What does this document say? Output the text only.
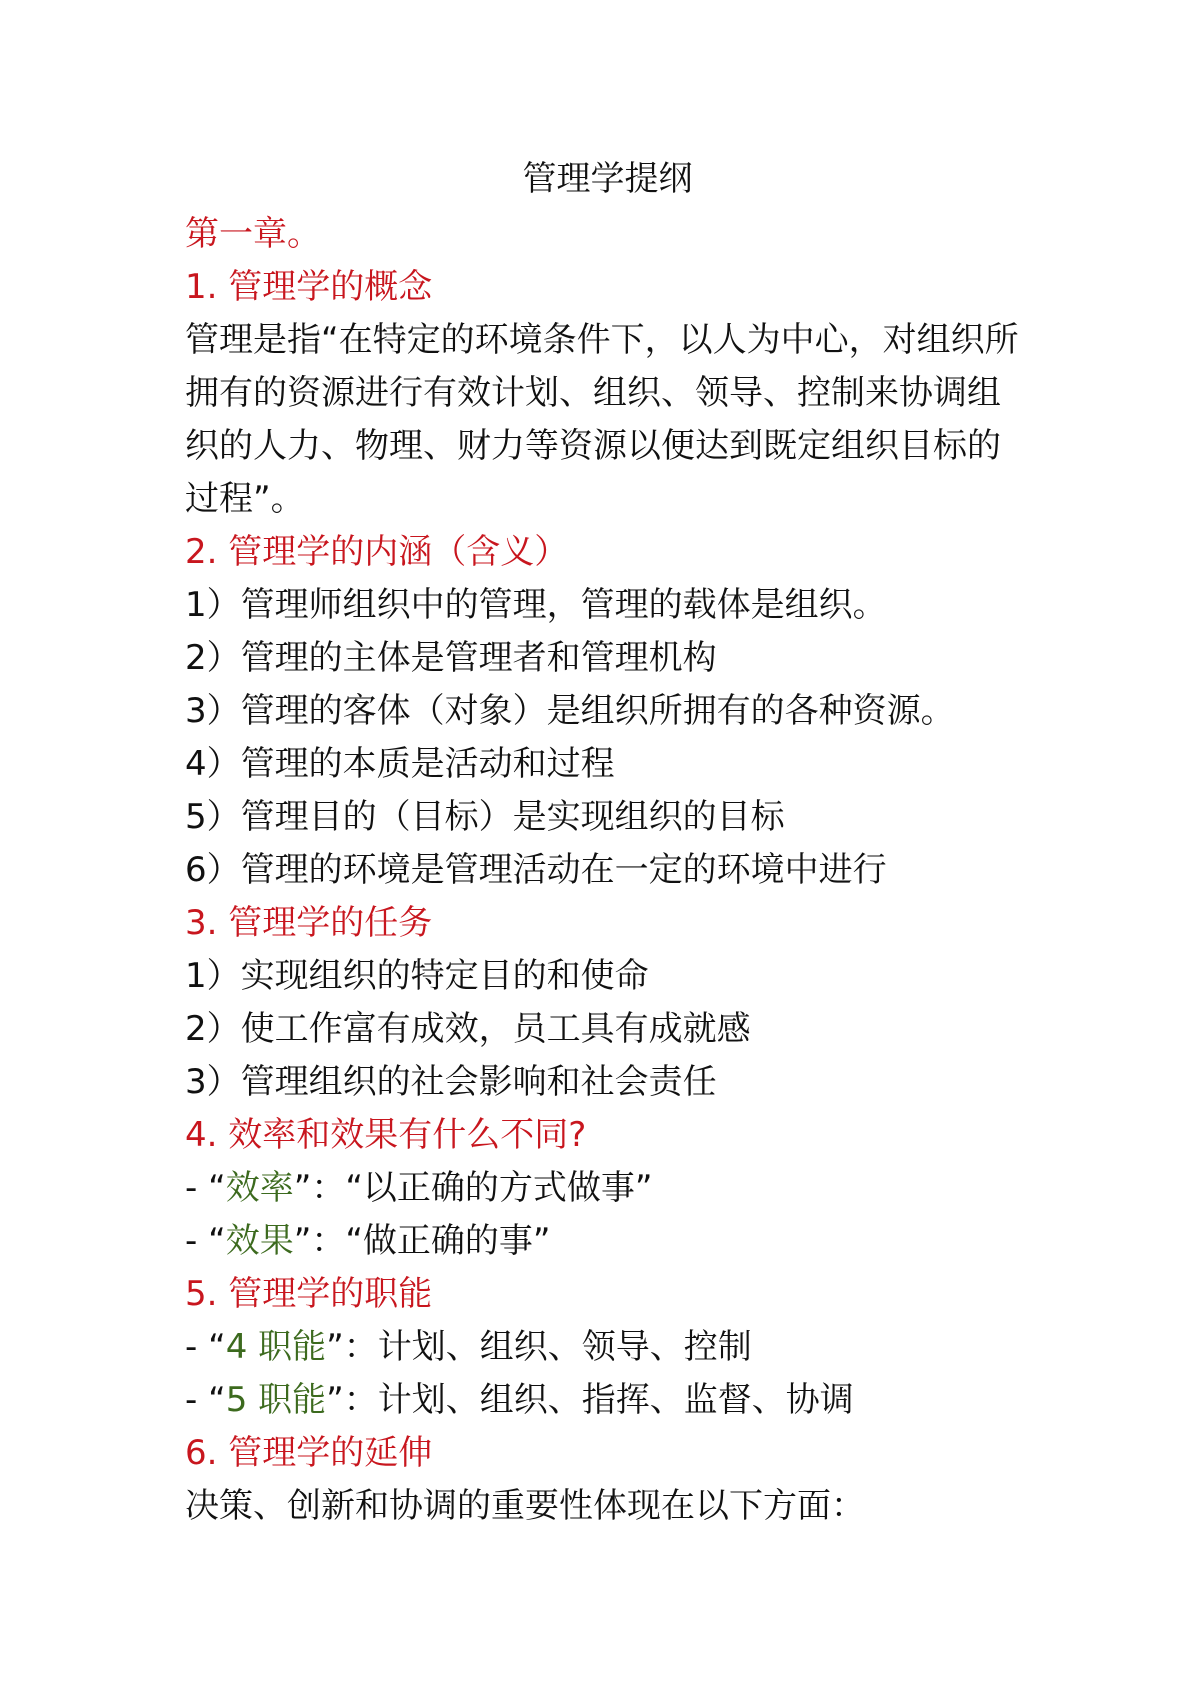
管理学提纲
第一章。
1. 管理学的概念
管理是指“在特定的环境条件下，以人为中心，对组织所拥有的资源进行有效计划、组织、领导、控制来协调组织的人力、物理、财力等资源以便达到既定组织目标的过程”。
2. 管理学的内涵（含义）
1）管理师组织中的管理，管理的载体是组织。
2）管理的主体是管理者和管理机构
3）管理的客体（对象）是组织所拥有的各种资源。
4）管理的本质是活动和过程
5）管理目的（目标）是实现组织的目标
6）管理的环境是管理活动在一定的环境中进行
3. 管理学的任务
1）实现组织的特定目的和使命
2）使工作富有成效，员工具有成就感
3）管理组织的社会影响和社会责任
4. 效率和效果有什么不同?
- “效率”：“以正确的方式做事”
- “效果”：“做正确的事”
5. 管理学的职能
- “4 职能”：计划、组织、领导、控制
- “5 职能”：计划、组织、指挥、监督、协调
6. 管理学的延伸
决策、创新和协调的重要性体现在以下方面：
